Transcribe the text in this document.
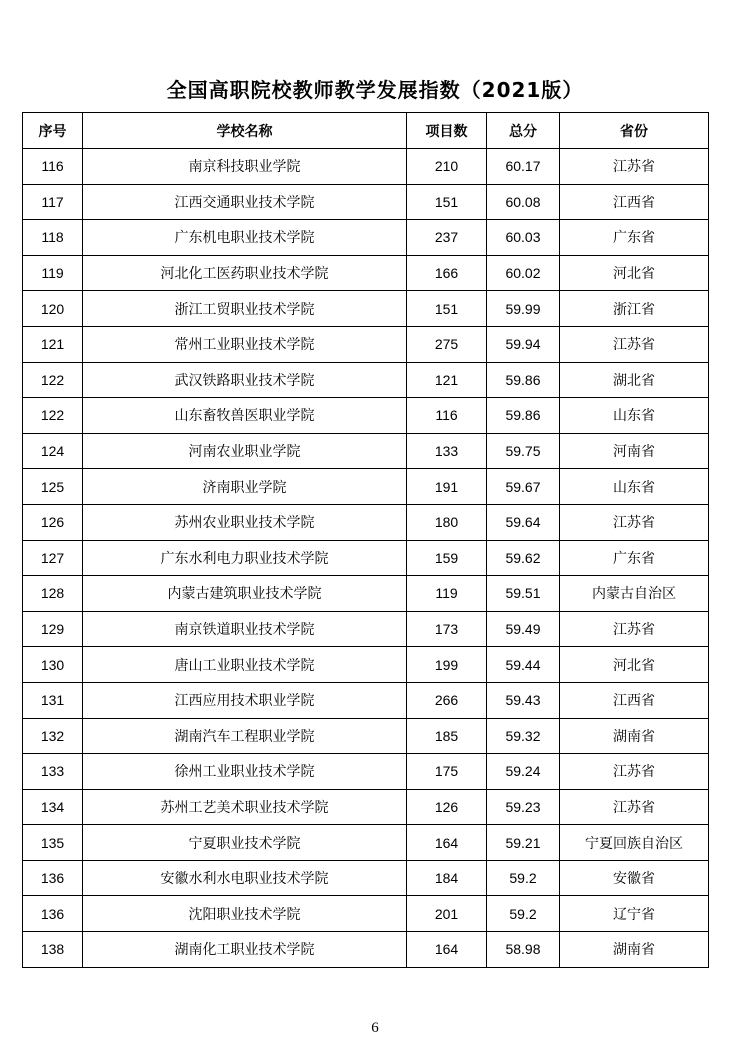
全国高职院校教师教学发展指数（2021版）
序号	学校名称	项目数	总分	省份
116	南京科技职业学院	210	60.17	江苏省
117	江西交通职业技术学院	151	60.08	江西省
118	广东机电职业技术学院	237	60.03	广东省
119	河北化工医药职业技术学院	166	60.02	河北省
120	浙江工贸职业技术学院	151	59.99	浙江省
121	常州工业职业技术学院	275	59.94	江苏省
122	武汉铁路职业技术学院	121	59.86	湖北省
122	山东畜牧兽医职业学院	116	59.86	山东省
124	河南农业职业学院	133	59.75	河南省
125	济南职业学院	191	59.67	山东省
126	苏州农业职业技术学院	180	59.64	江苏省
127	广东水利电力职业技术学院	159	59.62	广东省
128	内蒙古建筑职业技术学院	119	59.51	内蒙古自治区
129	南京铁道职业技术学院	173	59.49	江苏省
130	唐山工业职业技术学院	199	59.44	河北省
131	江西应用技术职业学院	266	59.43	江西省
132	湖南汽车工程职业学院	185	59.32	湖南省
133	徐州工业职业技术学院	175	59.24	江苏省
134	苏州工艺美术职业技术学院	126	59.23	江苏省
135	宁夏职业技术学院	164	59.21	宁夏回族自治区
136	安徽水利水电职业技术学院	184	59.2	安徽省
136	沈阳职业技术学院	201	59.2	辽宁省
138	湖南化工职业技术学院	164	58.98	湖南省
6
